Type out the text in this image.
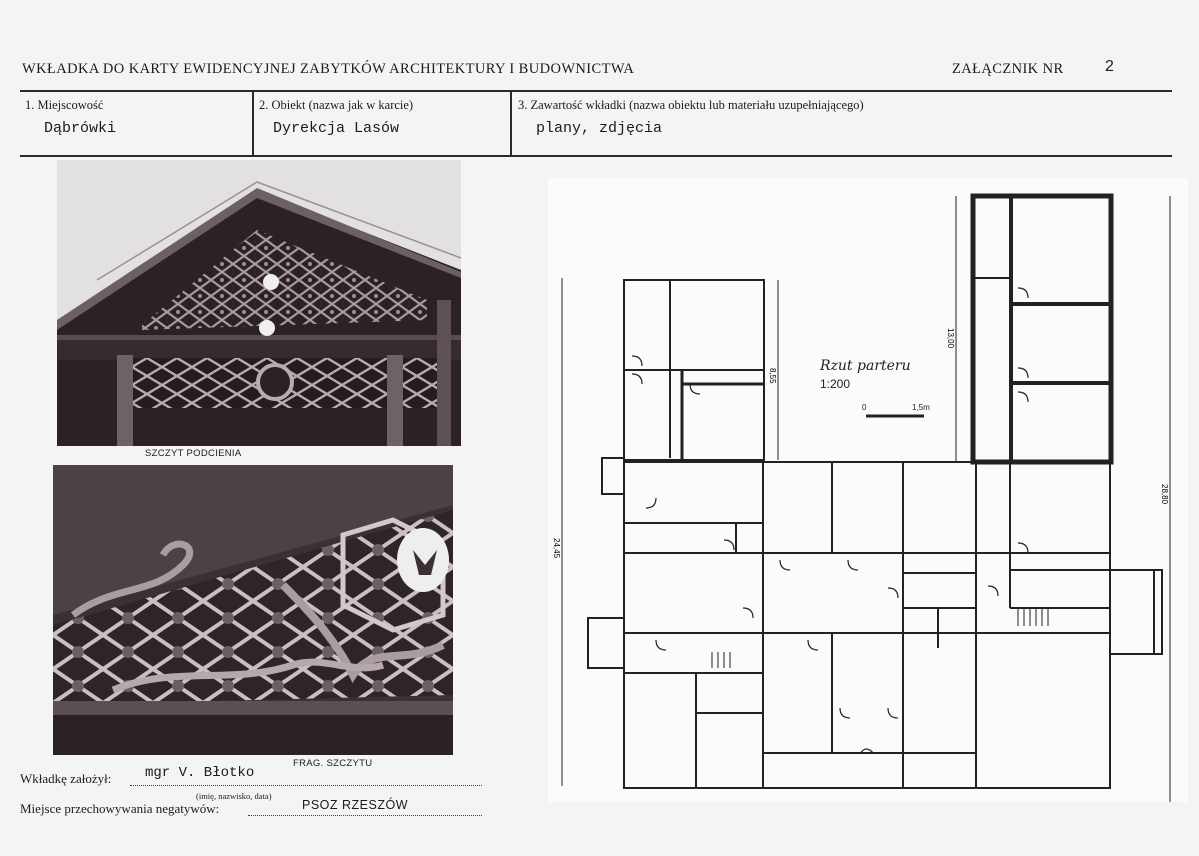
WKŁADKA DO KARTY EWIDENCYJNEJ ZABYTKÓW ARCHITEKTURY I BUDOWNICTWA	ZAŁĄCZNIK NR	2
1. Miejscowość
Dąbrówki
2. Obiekt (nazwa jak w karcie)
Dyrekcja Lasów
3. Zawartość wkładki (nazwa obiektu lub materiału uzupełniającego)
plany, zdjęcia
SZCZYT PODCIENIA
FRAG. SZCZYTU
24,45
8,55
13,00
28,80
Rzut parteru
1:200
0	1,5m
Wkładkę założył: mgr V. Błotko
(imię, nazwisko, data)
Miejsce przechowywania negatywów:	PSOZ RZESZÓW
